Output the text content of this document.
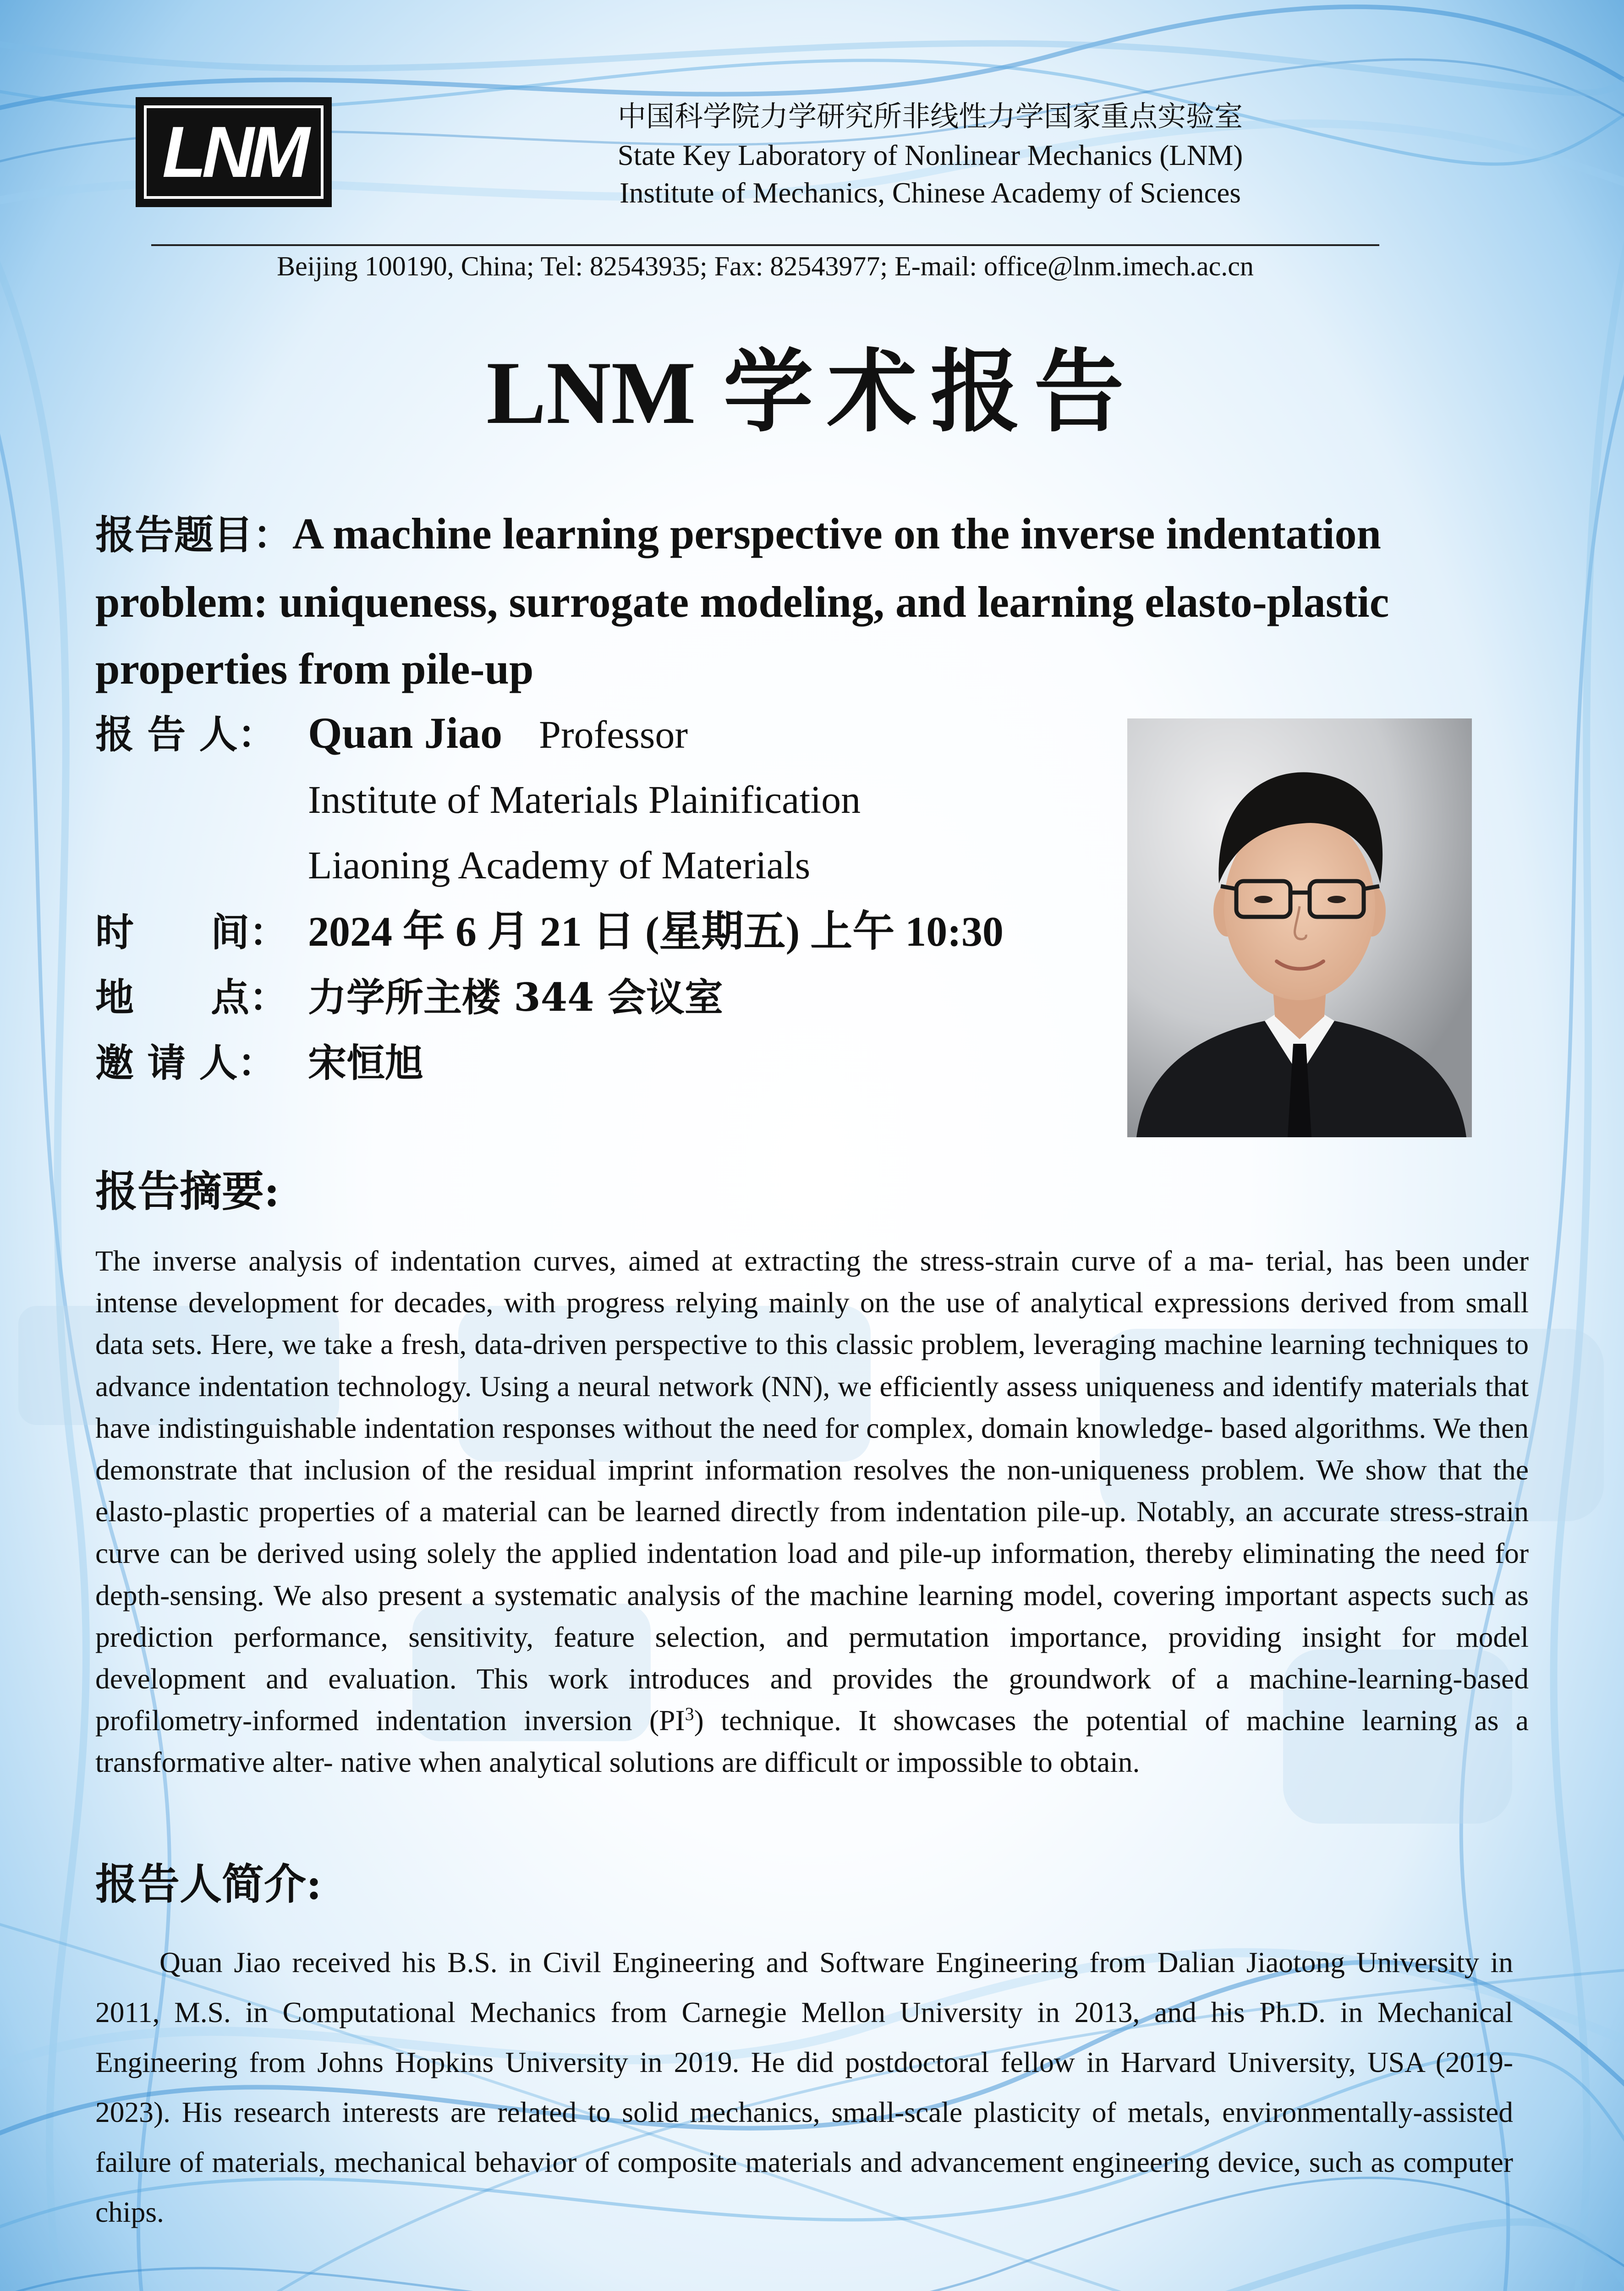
LNM	中国科学院力学研究所非线性力学国家重点实验室
State Key Laboratory of Nonlinear Mechanics (LNM)
Institute of Mechanics, Chinese Academy of Sciences
Beijing 100190, China; Tel: 82543935; Fax: 82543977; E-mail: office@lnm.imech.ac.cn
LNM 学术报告
报告题目：A machine learning perspective on the inverse indentation problem: uniqueness, surrogate modeling, and learning elasto-plastic properties from pile-up
报 告 人： Quan Jiao Professor
Institute of Materials Plainification
Liaoning Academy of Materials
时　　间： 2024 年 6 月 21 日 (星期五) 上午 10:30
地　　点： 力学所主楼 344 会议室
邀 请 人： 宋恒旭
报告摘要:
The inverse analysis of indentation curves, aimed at extracting the stress-strain curve of a ma- terial, has been under intense development for decades, with progress relying mainly on the use of analytical expressions derived from small data sets. Here, we take a fresh, data-driven perspective to this classic problem, leveraging machine learning techniques to advance indentation technology. Using a neural network (NN), we efficiently assess uniqueness and identify materials that have indistinguishable indentation responses without the need for complex, domain knowledge- based algorithms. We then demonstrate that inclusion of the residual imprint information resolves the non-uniqueness problem. We show that the elasto-plastic properties of a material can be learned directly from indentation pile-up. Notably, an accurate stress-strain curve can be derived using solely the applied indentation load and pile-up information, thereby eliminating the need for depth-sensing. We also present a systematic analysis of the machine learning model, covering important aspects such as prediction performance, sensitivity, feature selection, and permutation importance, providing insight for model development and evaluation. This work introduces and provides the groundwork of a machine-learning-based profilometry-informed indentation inversion $(PI^3)$ technique. It showcases the potential of machine learning as a transformative alter- native when analytical solutions are difficult or impossible to obtain.
报告人简介:
Quan Jiao received his B.S. in Civil Engineering and Software Engineering from Dalian Jiaotong University in 2011, M.S. in Computational Mechanics from Carnegie Mellon University in 2013, and his Ph.D. in Mechanical Engineering from Johns Hopkins University in 2019. He did postdoctoral fellow in Harvard University, USA (2019-2023). His research interests are related to solid mechanics, small-scale plasticity of metals, environmentally-assisted failure of materials, mechanical behavior of composite materials and advancement engineering device, such as computer chips.
